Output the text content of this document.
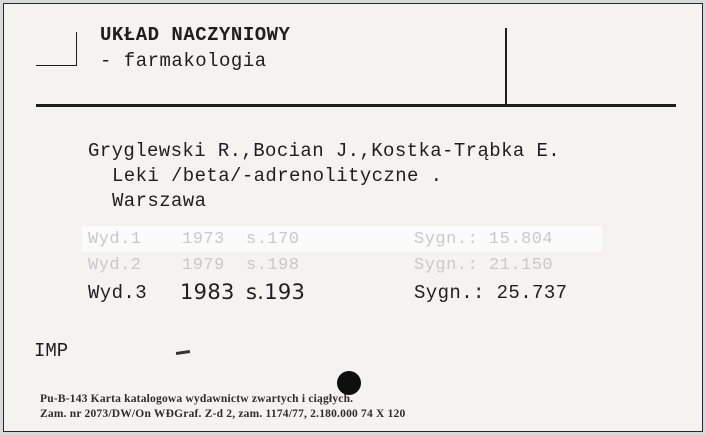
UKŁAD NACZYNIOWY
- farmakologia
Gryglewski R.,Bocian J.,Kostka-Trąbka E.
Leki /beta/-adrenolityczne .
Warszawa
Wyd.1 1973 s.170	Sygn.: 15.804
Wyd.2 1979 s.198	Sygn.: 21.150
Wyd.3 1983 s.193	Sygn.: 25.737
IMP
Pu-B-143 Karta katalogowa wydawnictw zwartych i ciągłych.
Zam. nr 2073/DW/On WĐGraf. Z-d 2, zam. 1174/77, 2.180.000 74 X 120
